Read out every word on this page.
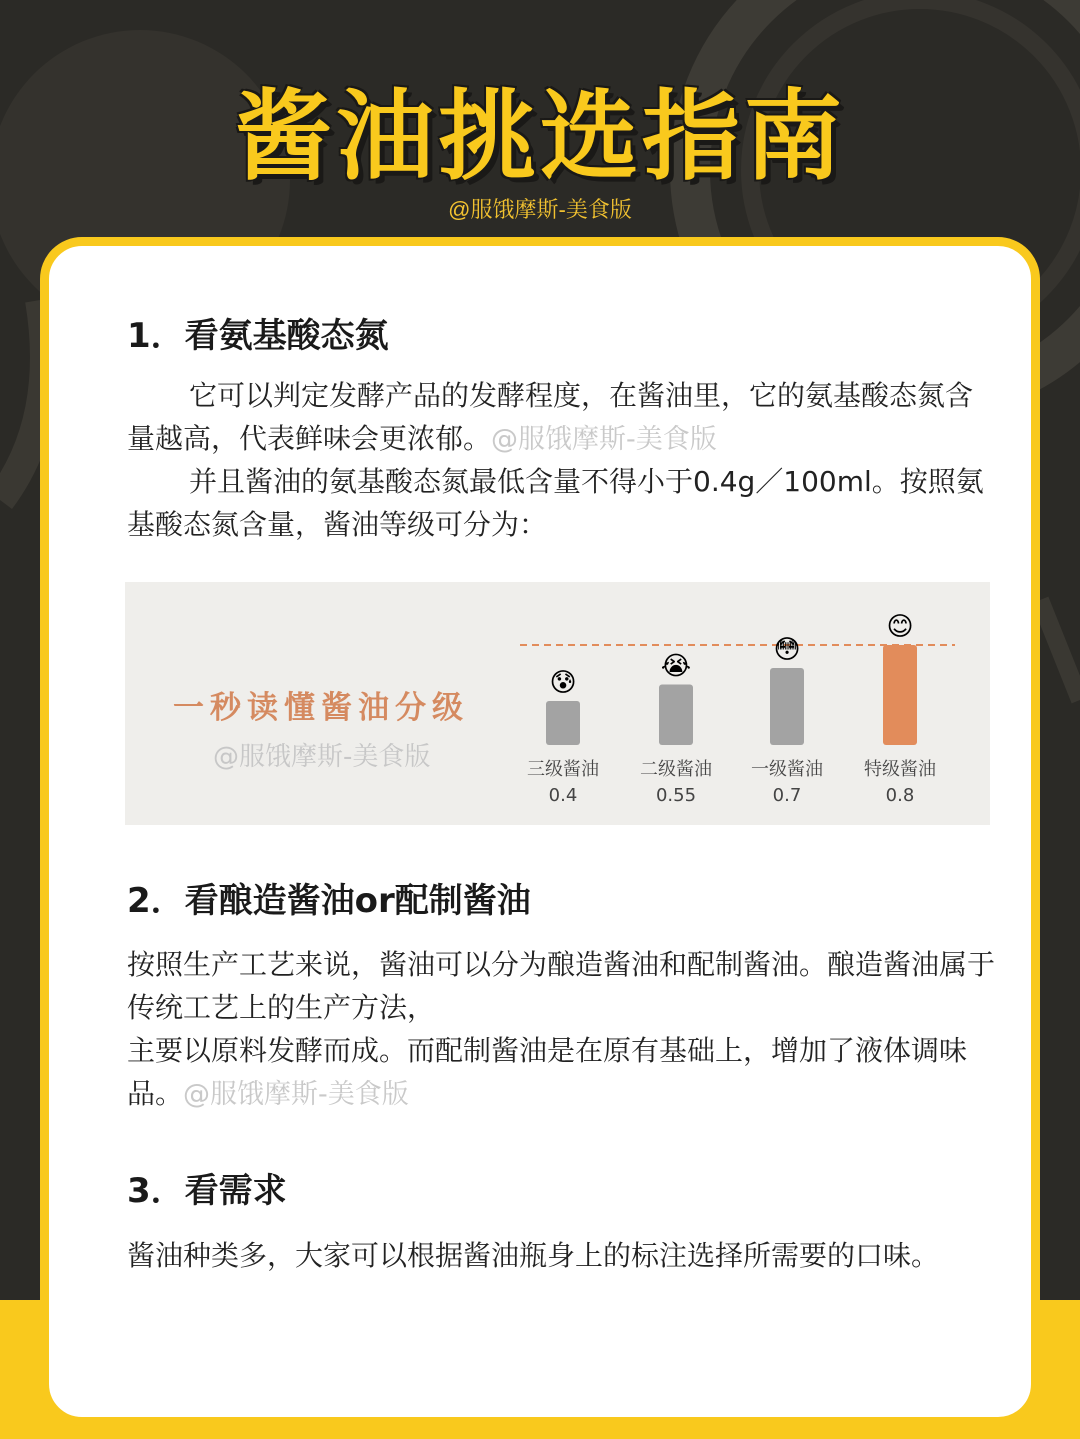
酱油挑选指南
@服饿摩斯-美食版
1．看氨基酸态氮

它可以判定发酵产品的发酵程度，在酱油里，它的氨基酸态氮含量越高，代表鲜味会更浓郁。@服饿摩斯-美食版

并且酱油的氨基酸态氮最低含量不得小于0.4g／100ml。按照氨基酸态氮含量，酱油等级可分为：

一秒读懂酱油分级
@服饿摩斯-美食版
😰
三级酱油
0.4
😭
二级酱油
0.55
😳
一级酱油
0.7
😊
特级酱油
0.8
2．看酿造酱油or配制酱油

按照生产工艺来说，酱油可以分为酿造酱油和配制酱油。酿造酱油属于传统工艺上的生产方法，

主要以原料发酵而成。而配制酱油是在原有基础上，增加了液体调味品。@服饿摩斯-美食版

3．看需求

酱油种类多，大家可以根据酱油瓶身上的标注选择所需要的口味。
